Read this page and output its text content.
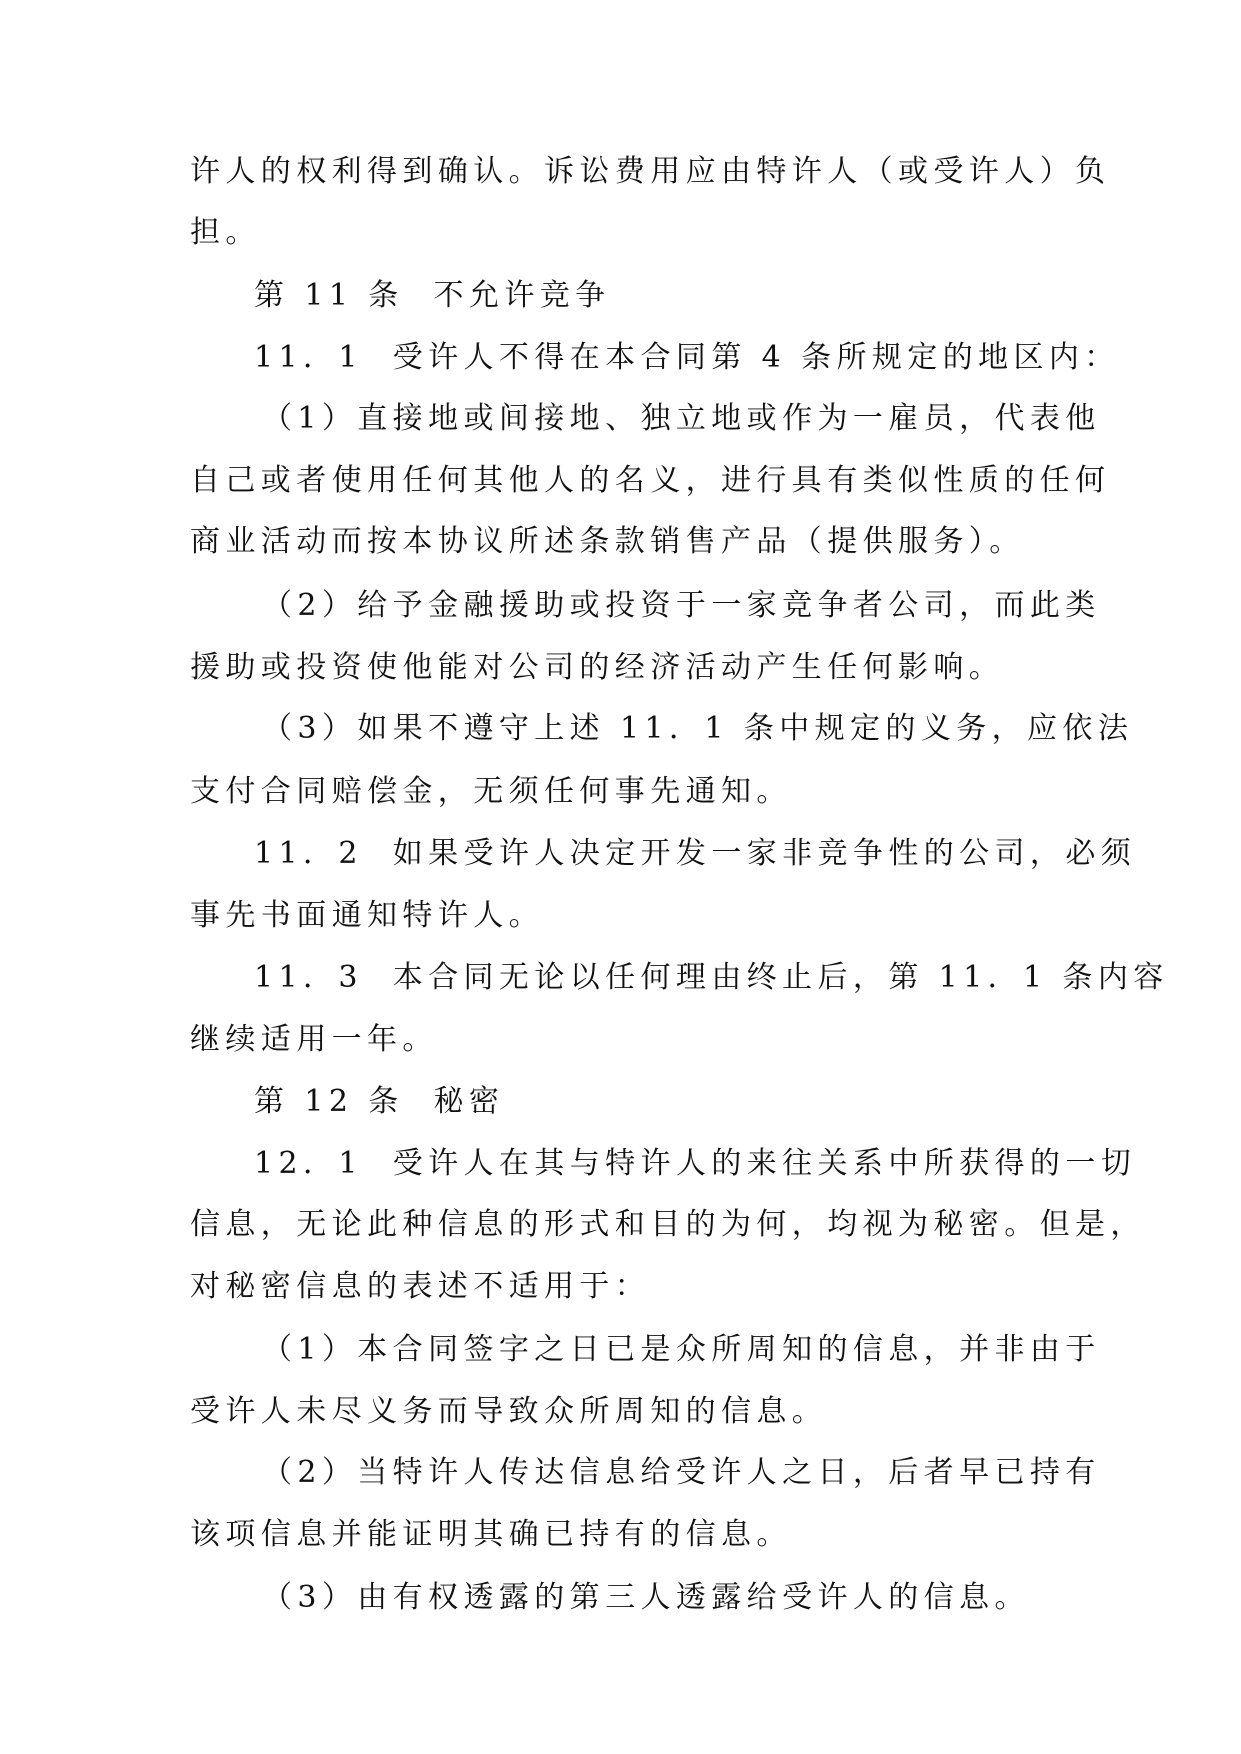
许人的权利得到确认。诉讼费用应由特许人（或受许人）负
担。
第 11 条  不允许竞争
11．1  受许人不得在本合同第 4 条所规定的地区内：
（1）直接地或间接地、独立地或作为一雇员，代表他
自己或者使用任何其他人的名义，进行具有类似性质的任何
商业活动而按本协议所述条款销售产品（提供服务）。
（2）给予金融援助或投资于一家竞争者公司，而此类
援助或投资使他能对公司的经济活动产生任何影响。
（3）如果不遵守上述 11．1 条中规定的义务，应依法
支付合同赔偿金，无须任何事先通知。
11．2  如果受许人决定开发一家非竞争性的公司，必须
事先书面通知特许人。
11．3  本合同无论以任何理由终止后，第 11．1 条内容
继续适用一年。
第 12 条  秘密
12．1  受许人在其与特许人的来往关系中所获得的一切
信息，无论此种信息的形式和目的为何，均视为秘密。但是，
对秘密信息的表述不适用于：
（1）本合同签字之日已是众所周知的信息，并非由于
受许人未尽义务而导致众所周知的信息。
（2）当特许人传达信息给受许人之日，后者早已持有
该项信息并能证明其确已持有的信息。
（3）由有权透露的第三人透露给受许人的信息。
